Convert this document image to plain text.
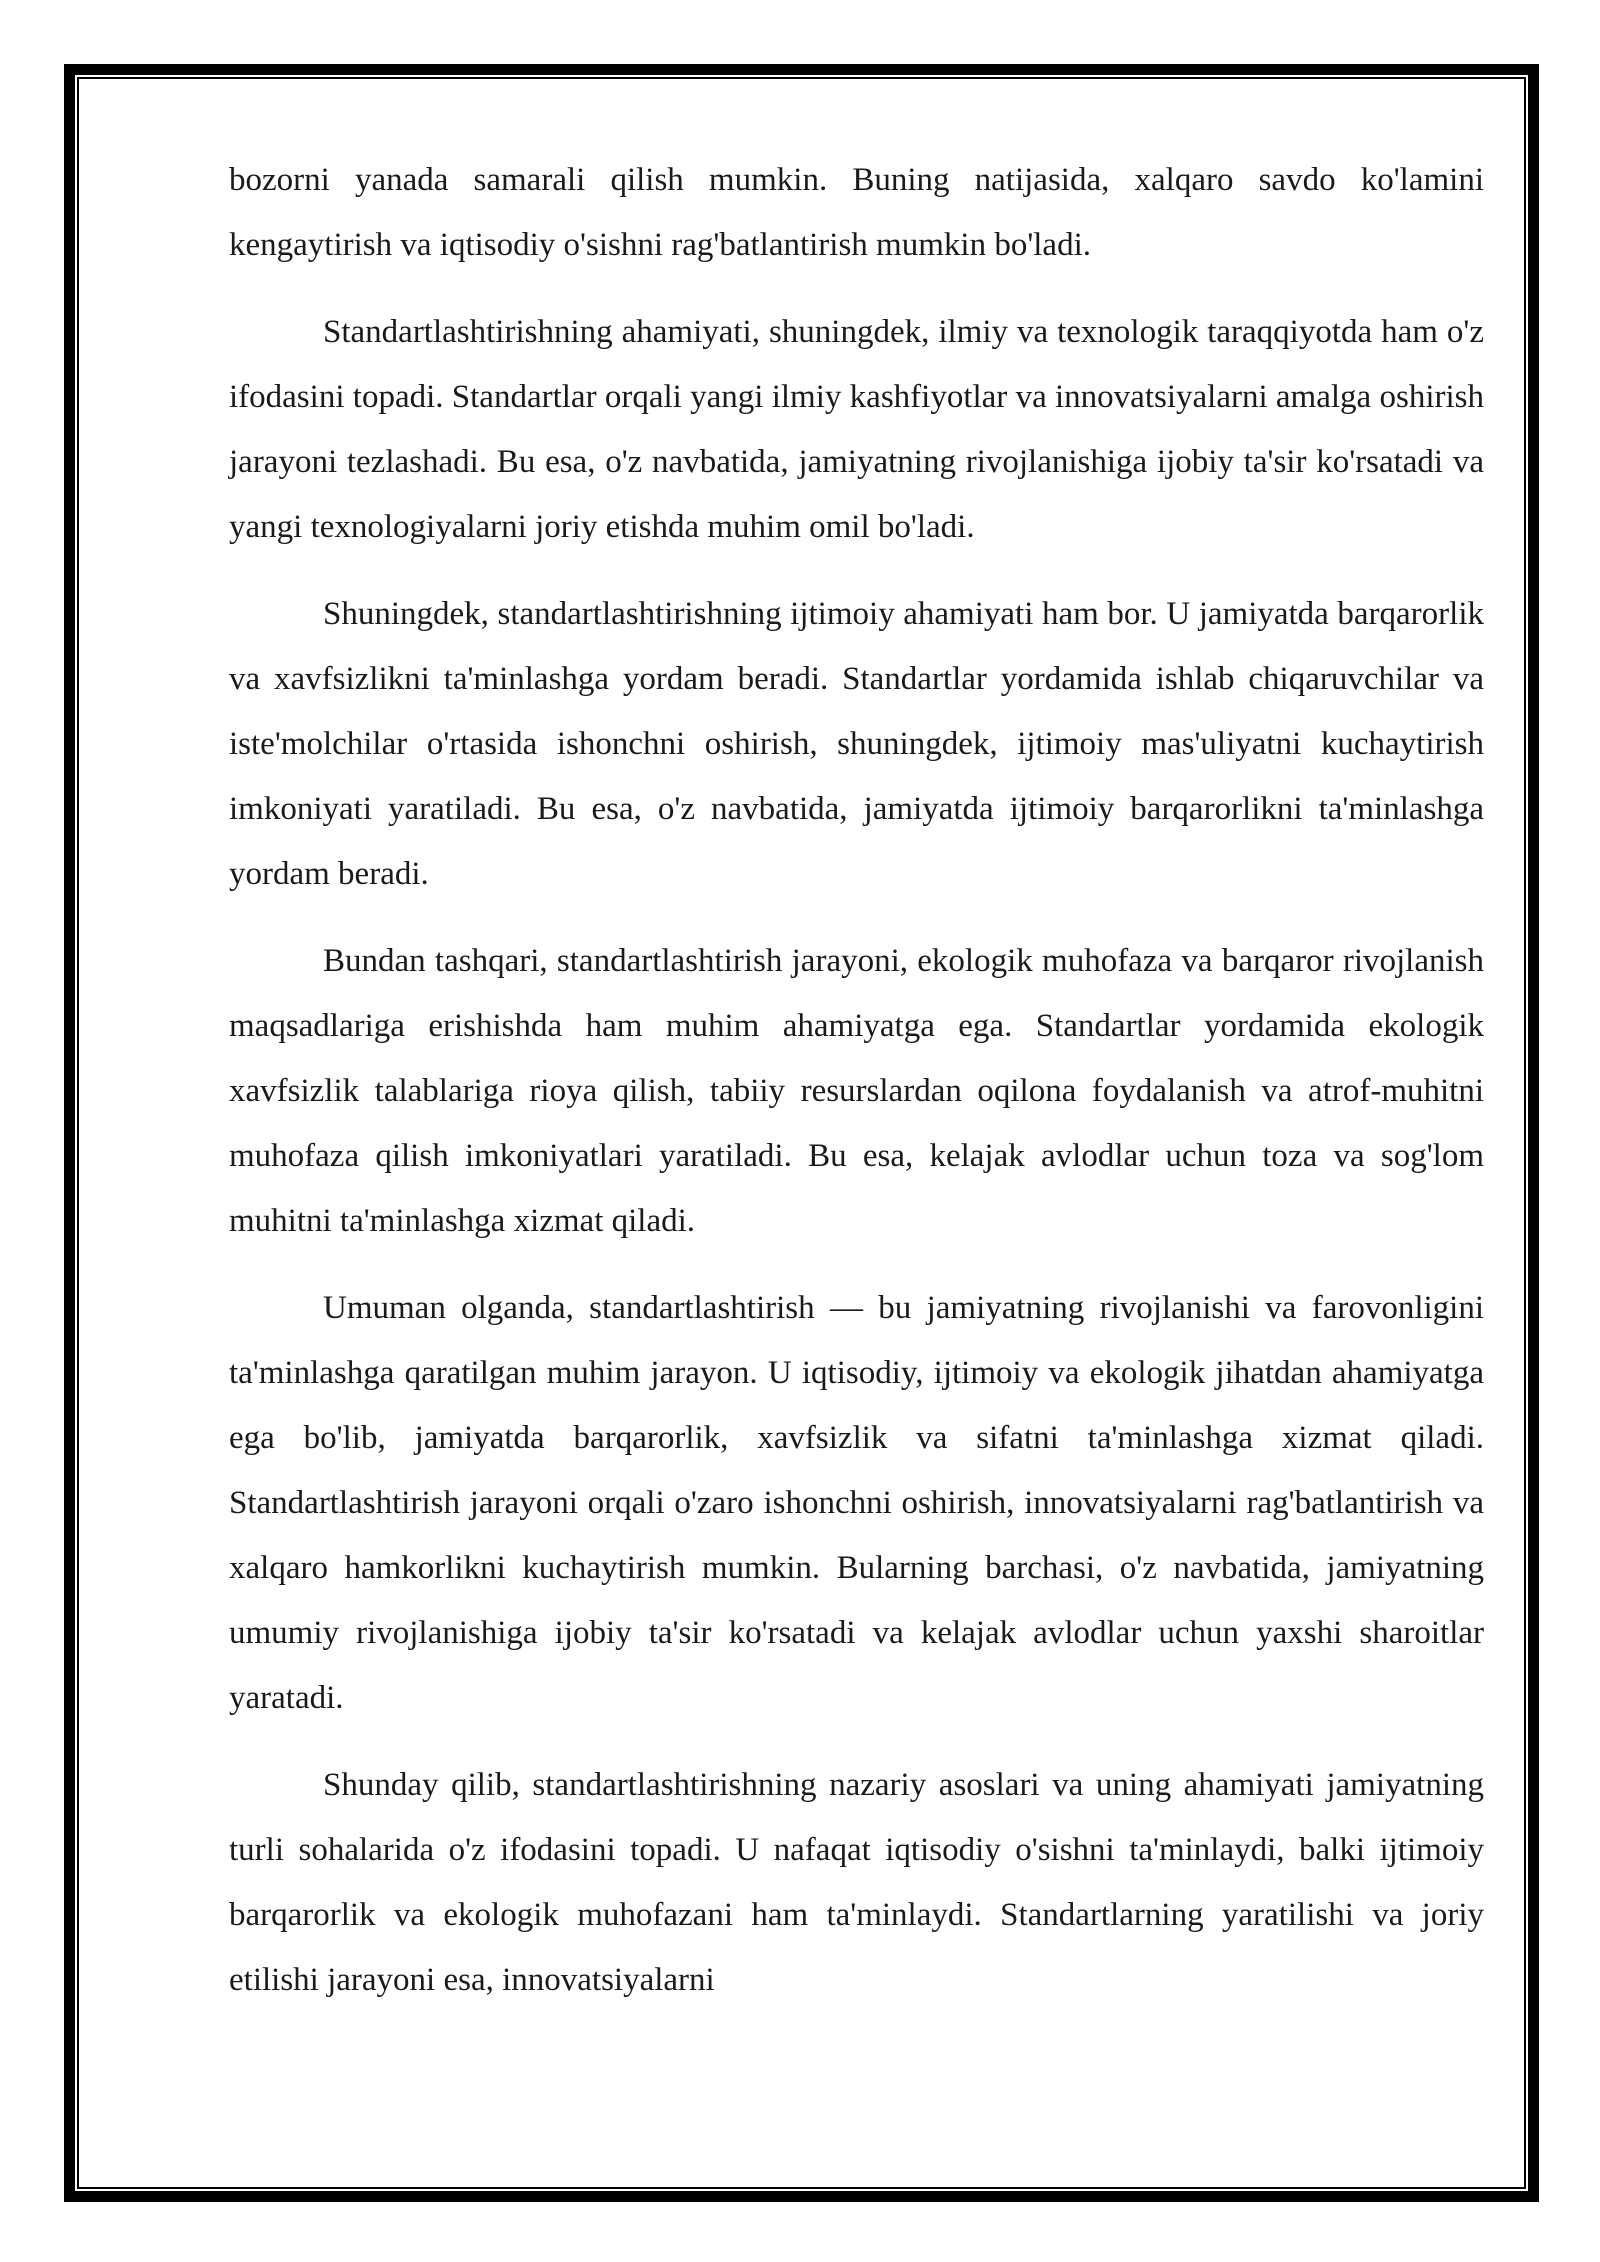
bozorni yanada samarali qilish mumkin. Buning natijasida, xalqaro savdo ko'lamini kengaytirish va iqtisodiy o'sishni rag'batlantirish mumkin bo'ladi.

Standartlashtirishning ahamiyati, shuningdek, ilmiy va texnologik taraqqiyotda ham o'z ifodasini topadi. Standartlar orqali yangi ilmiy kashfiyotlar va innovatsiyalarni amalga oshirish jarayoni tezlashadi. Bu esa, o'z navbatida, jamiyatning rivojlanishiga ijobiy ta'sir ko'rsatadi va yangi texnologiyalarni joriy etishda muhim omil bo'ladi.

Shuningdek, standartlashtirishning ijtimoiy ahamiyati ham bor. U jamiyatda barqarorlik va xavfsizlikni ta'minlashga yordam beradi. Standartlar yordamida ishlab chiqaruvchilar va iste'molchilar o'rtasida ishonchni oshirish, shuningdek, ijtimoiy mas'uliyatni kuchaytirish imkoniyati yaratiladi. Bu esa, o'z navbatida, jamiyatda ijtimoiy barqarorlikni ta'minlashga yordam beradi.

Bundan tashqari, standartlashtirish jarayoni, ekologik muhofaza va barqaror rivojlanish maqsadlariga erishishda ham muhim ahamiyatga ega. Standartlar yordamida ekologik xavfsizlik talablariga rioya qilish, tabiiy resurslardan oqilona foydalanish va atrof-muhitni muhofaza qilish imkoniyatlari yaratiladi. Bu esa, kelajak avlodlar uchun toza va sog'lom muhitni ta'minlashga xizmat qiladi.

Umuman olganda, standartlashtirish — bu jamiyatning rivojlanishi va farovonligini ta'minlashga qaratilgan muhim jarayon. U iqtisodiy, ijtimoiy va ekologik jihatdan ahamiyatga ega bo'lib, jamiyatda barqarorlik, xavfsizlik va sifatni ta'minlashga xizmat qiladi. Standartlashtirish jarayoni orqali o'zaro ishonchni oshirish, innovatsiyalarni rag'batlantirish va xalqaro hamkorlikni kuchaytirish mumkin. Bularning barchasi, o'z navbatida, jamiyatning umumiy rivojlanishiga ijobiy ta'sir ko'rsatadi va kelajak avlodlar uchun yaxshi sharoitlar yaratadi.

Shunday qilib, standartlashtirishning nazariy asoslari va uning ahamiyati jamiyatning turli sohalarida o'z ifodasini topadi. U nafaqat iqtisodiy o'sishni ta'minlaydi, balki ijtimoiy barqarorlik va ekologik muhofazani ham ta'minlaydi. Standartlarning yaratilishi va joriy etilishi jarayoni esa, innovatsiyalarni
